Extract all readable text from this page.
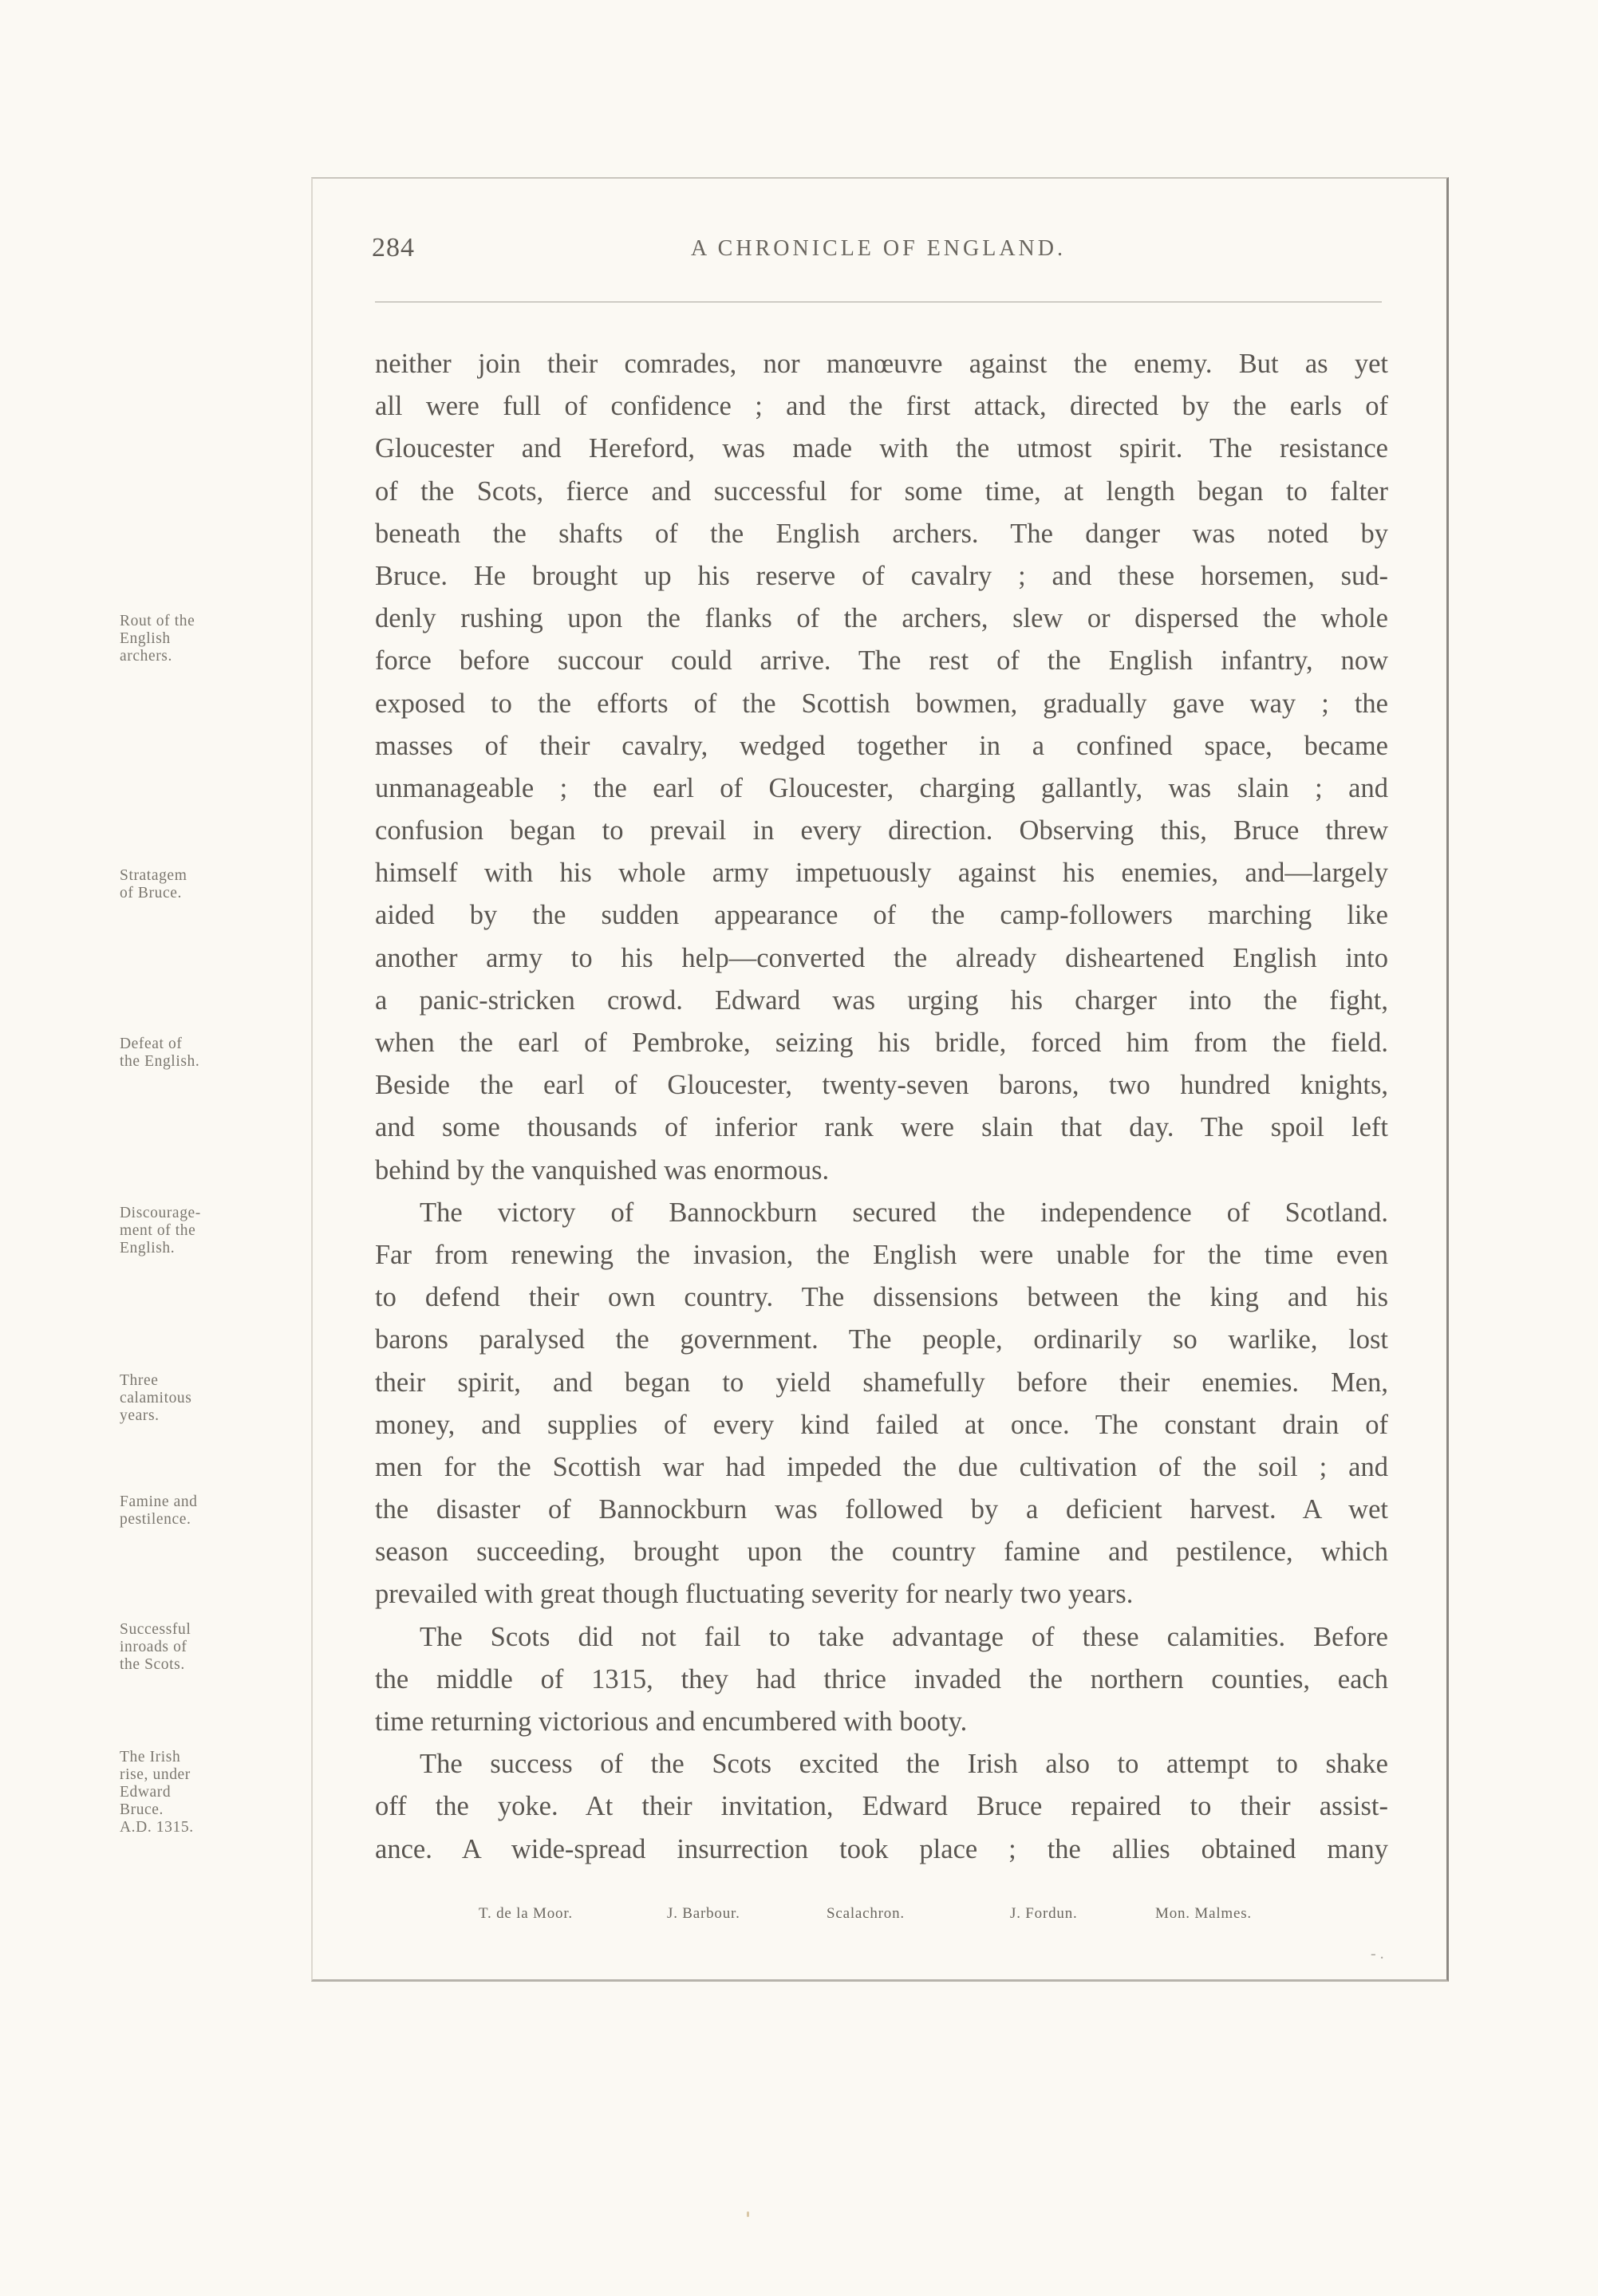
284	A CHRONICLE OF ENGLAND.
Rout of the
English
archers.
Stratagem
of Bruce.
Defeat of
the English.
Discourage-
ment of the
English.
Three
calamitous
years.
Famine and
pestilence.
Successful
inroads of
the Scots.
The Irish
rise, under
Edward
Bruce.
A.D. 1315.
neither join their comrades, nor manœuvre against the enemy. But as yet
all were full of confidence ; and the first attack, directed by the earls of
Gloucester and Hereford, was made with the utmost spirit. The resistance
of the Scots, fierce and successful for some time, at length began to falter
beneath the shafts of the English archers. The danger was noted by
Bruce. He brought up his reserve of cavalry ; and these horsemen, sud-
denly rushing upon the flanks of the archers, slew or dispersed the whole
force before succour could arrive. The rest of the English infantry, now
exposed to the efforts of the Scottish bowmen, gradually gave way ; the
masses of their cavalry, wedged together in a confined space, became
unmanageable ; the earl of Gloucester, charging gallantly, was slain ; and
confusion began to prevail in every direction. Observing this, Bruce threw
himself with his whole army impetuously against his enemies, and—largely
aided by the sudden appearance of the camp-followers marching like
another army to his help—converted the already disheartened English into
a panic-stricken crowd. Edward was urging his charger into the fight,
when the earl of Pembroke, seizing his bridle, forced him from the field.
Beside the earl of Gloucester, twenty-seven barons, two hundred knights,
and some thousands of inferior rank were slain that day. The spoil left
behind by the vanquished was enormous.
The victory of Bannockburn secured the independence of Scotland.
Far from renewing the invasion, the English were unable for the time even
to defend their own country. The dissensions between the king and his
barons paralysed the government. The people, ordinarily so warlike, lost
their spirit, and began to yield shamefully before their enemies. Men,
money, and supplies of every kind failed at once. The constant drain of
men for the Scottish war had impeded the due cultivation of the soil ; and
the disaster of Bannockburn was followed by a deficient harvest. A wet
season succeeding, brought upon the country famine and pestilence, which
prevailed with great though fluctuating severity for nearly two years.
The Scots did not fail to take advantage of these calamities. Before
the middle of 1315, they had thrice invaded the northern counties, each
time returning victorious and encumbered with booty.
The success of the Scots excited the Irish also to attempt to shake
off the yoke. At their invitation, Edward Bruce repaired to their assist-
ance. A wide-spread insurrection took place ; the allies obtained many
T. de la Moor.	J. Barbour.	Scalachron.	J. Fordun.	Mon. Malmes.
- .
